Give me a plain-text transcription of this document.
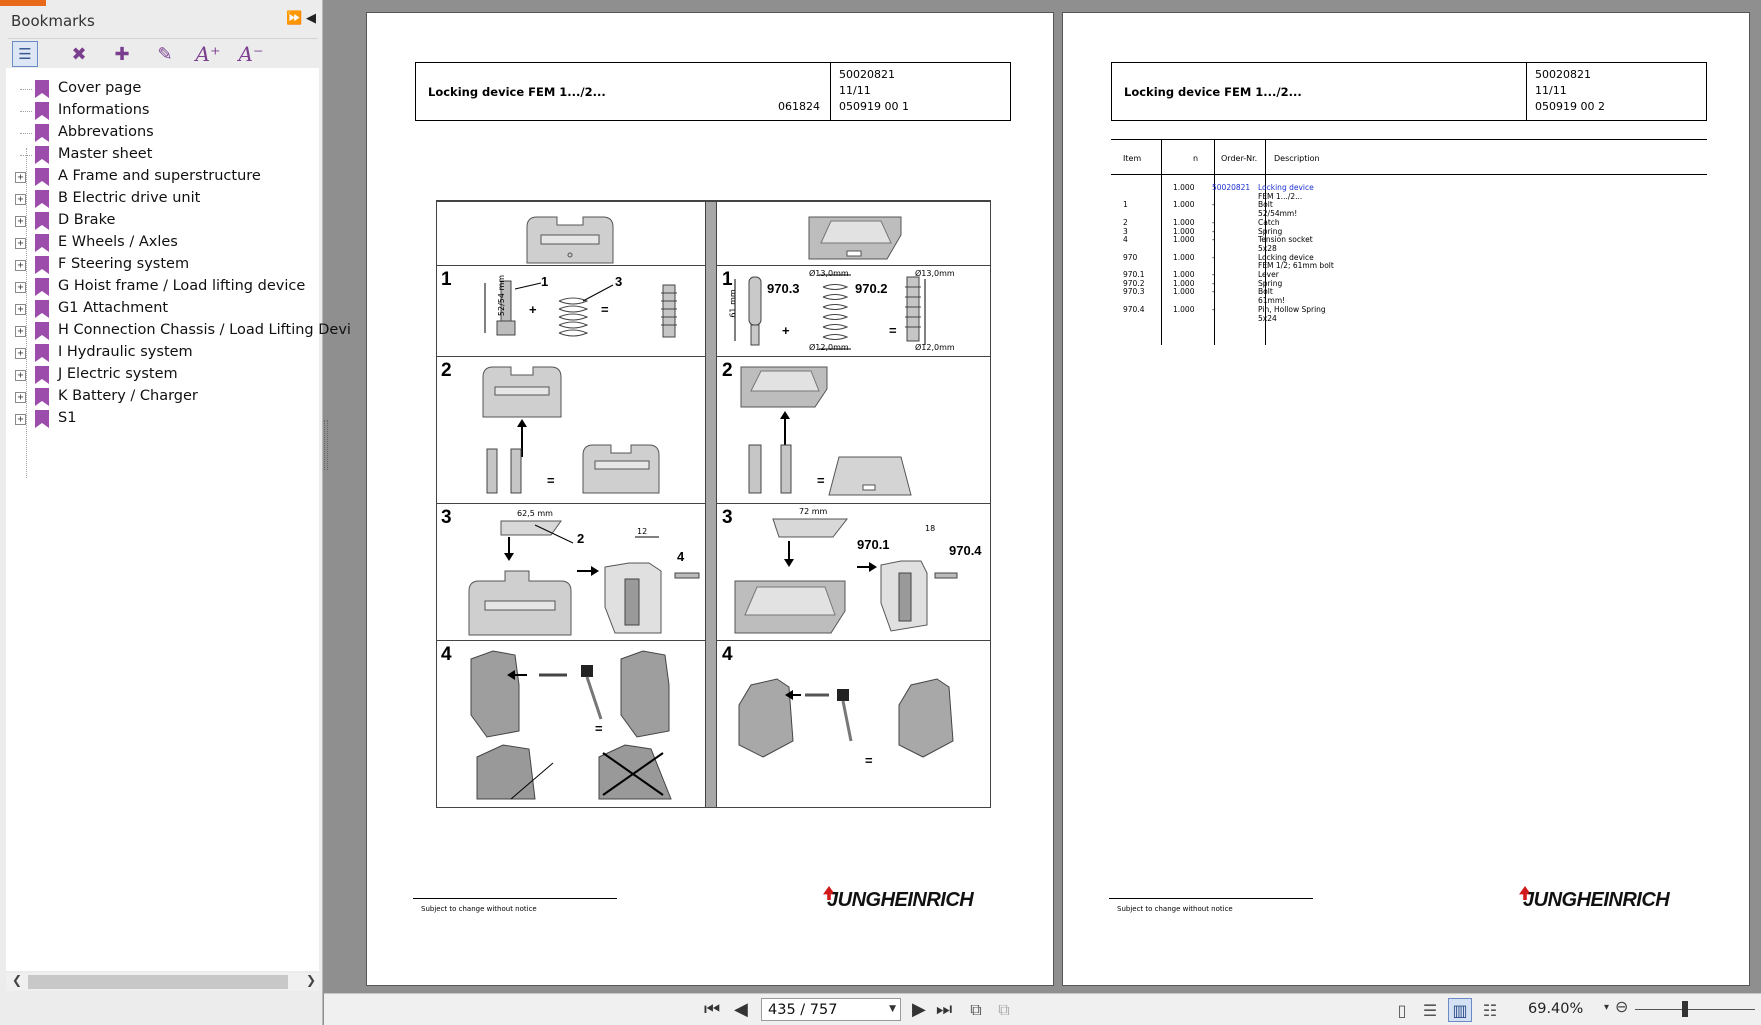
Bookmarks	⏩ ◀
☰	✖	✚	✎ A⁺ A⁻
Cover page
Informations
Abbrevations
Master sheet
+ A Frame and superstructure
+ B Electric drive unit
+ D Brake
+ E Wheels / Axles
+ F Steering system
+ G Hoist frame / Load lifting device
+ G1 Attachment
+ H Connection Chassis / Load Lifting Devi
+ I Hydraulic system
+ J Electric system
+ K Battery / Charger
+ S1
❮	❯
Locking device FEM 1.../2...
061824
50020821
11/11
050919 00 1
1
2
3
4
1
2
3
4
52/54 mm	1	3
+	=	61 mm
970.3	970.2
Ø13,0mm
Ø12,0mm
Ø13,0mm
Ø12,0mm
+	=
=	=
62,5 mm
2	12
4
72 mm
970.1
18
970.4
=
=
Subject to change without notice	JUNGHEINRICH
Locking device FEM 1.../2...
50020821
11/11
050919 00 2
Item	n	Order-Nr. Description
1.000 50020821 Locking device
FEM 1.../2...
1	1.000 -	Bolt
52/54mm!
2	1.000 -	Catch
3	1.000 -	Spring
4	1.000 -	Tension socket
5x28
970	1.000 -	Locking device
FEM 1/2; 61mm bolt
970.1	1.000 -	Lever
970.2	1.000 -	Spring
970.3	1.000 -	Bolt
61mm!
970.4	1.000 -	Pin, Hollow Spring
5x24
Subject to change without notice	JUNGHEINRICH
⏮ ◀ 435 / 757	▼ ▶ ⏭	⧉	⧉	▯	☰ ▥ ☷	69.40% ▾ ⊖
